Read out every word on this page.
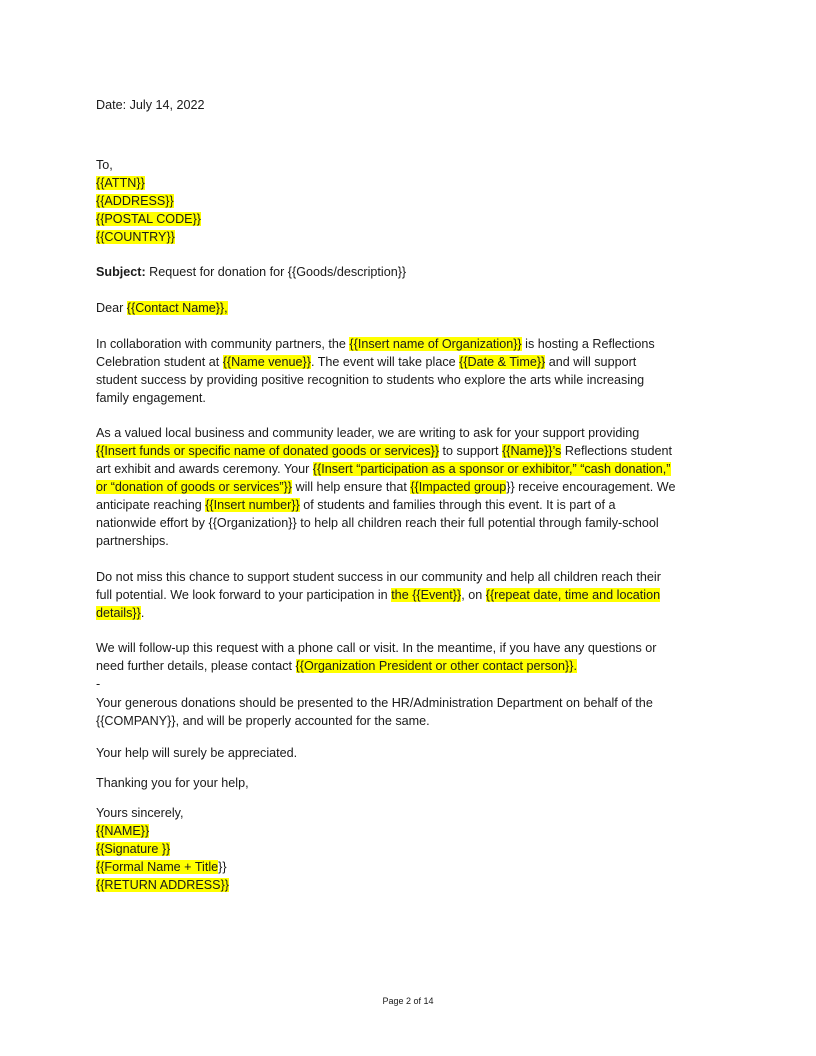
Date: July 14, 2022
To,
{{ATTN}}
{{ADDRESS}}
{{POSTAL CODE}}
{{COUNTRY}}
Subject: Request for donation for {{Goods/description}}
Dear {{Contact Name}},
In collaboration with community partners, the {{Insert name of Organization}} is hosting a Reflections
Celebration student at {{Name venue}}. The event will take place {{Date & Time}} and will support
student success by providing positive recognition to students who explore the arts while increasing
family engagement.
As a valued local business and community leader, we are writing to ask for your support providing
{{Insert funds or specific name of donated goods or services}} to support {{Name}}’s Reflections student
art exhibit and awards ceremony. Your {{Insert “participation as a sponsor or exhibitor,” “cash donation,”
or “donation of goods or services”}} will help ensure that {{Impacted group}} receive encouragement. We
anticipate reaching {{Insert number}} of students and families through this event. It is part of a
nationwide effort by {{Organization}} to help all children reach their full potential through family-school
partnerships.
Do not miss this chance to support student success in our community and help all children reach their
full potential. We look forward to your participation in the {{Event}}, on {{repeat date, time and location
details}}.
We will follow-up this request with a phone call or visit. In the meantime, if you have any questions or
need further details, please contact {{Organization President or other contact person}}.
-
Your generous donations should be presented to the HR/Administration Department on behalf of the
{{COMPANY}}, and will be properly accounted for the same.
Your help will surely be appreciated.
Thanking you for your help,
Yours sincerely,
{{NAME}}
{{Signature }}
{{Formal Name + Title}}
{{RETURN ADDRESS}}
Page 2 of 14
